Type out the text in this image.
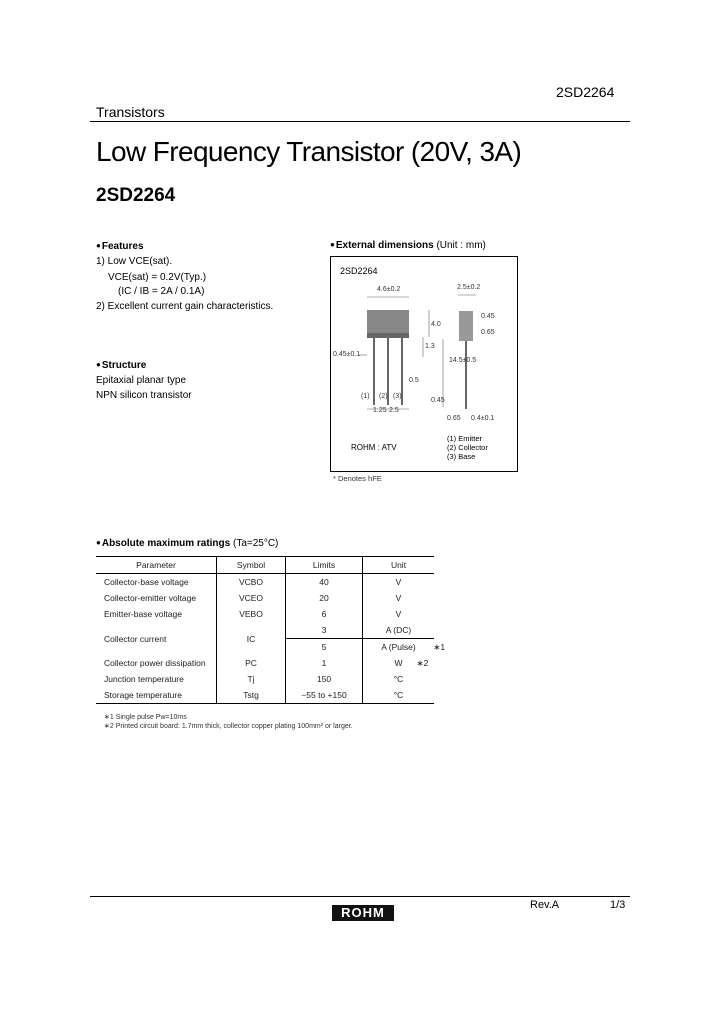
2SD2264
Transistors
Low Frequency Transistor (20V, 3A)
2SD2264
● Features
1) Low VCE(sat).
VCE(sat) = 0.2V(Typ.)
(IC / IB = 2A / 0.1A)
2) Excellent current gain characteristics.
● Structure
Epitaxial planar type
NPN silicon transistor
● External dimensions (Unit : mm)
2SD2264
4.6±0.2	2.5±0.2
4.0
0.45
0.65
0.45±0.1
1.3
0.5
14.5±0.5
(1) (2) (3)
1.25 2.5
0.65 0.4±0.1
0.45
ROHM : ATV
(1) Emitter
(2) Collector
(3) Base
* Denotes hFE
● Absolute maximum ratings (Ta=25°C)
Parameter	Symbol	Limits	Unit
Collector-base voltage	VCBO	40	V
Collector-emitter voltage	VCEO	20	V
Emitter-base voltage	VEBO	6	V
Collector current	IC	3	A (DC)
		5	A (Pulse) ∗1

Collector power dissipation	PC	1	W ∗2

Junction temperature	Tj	150	°C
Storage temperature	Tstg	−55 to +150	°C
∗1 Single pulse Pw=10ms
∗2 Printed circuit board: 1.7mm thick, collector copper plating 100mm² or larger.
ROHM	Rev.A	1/3
